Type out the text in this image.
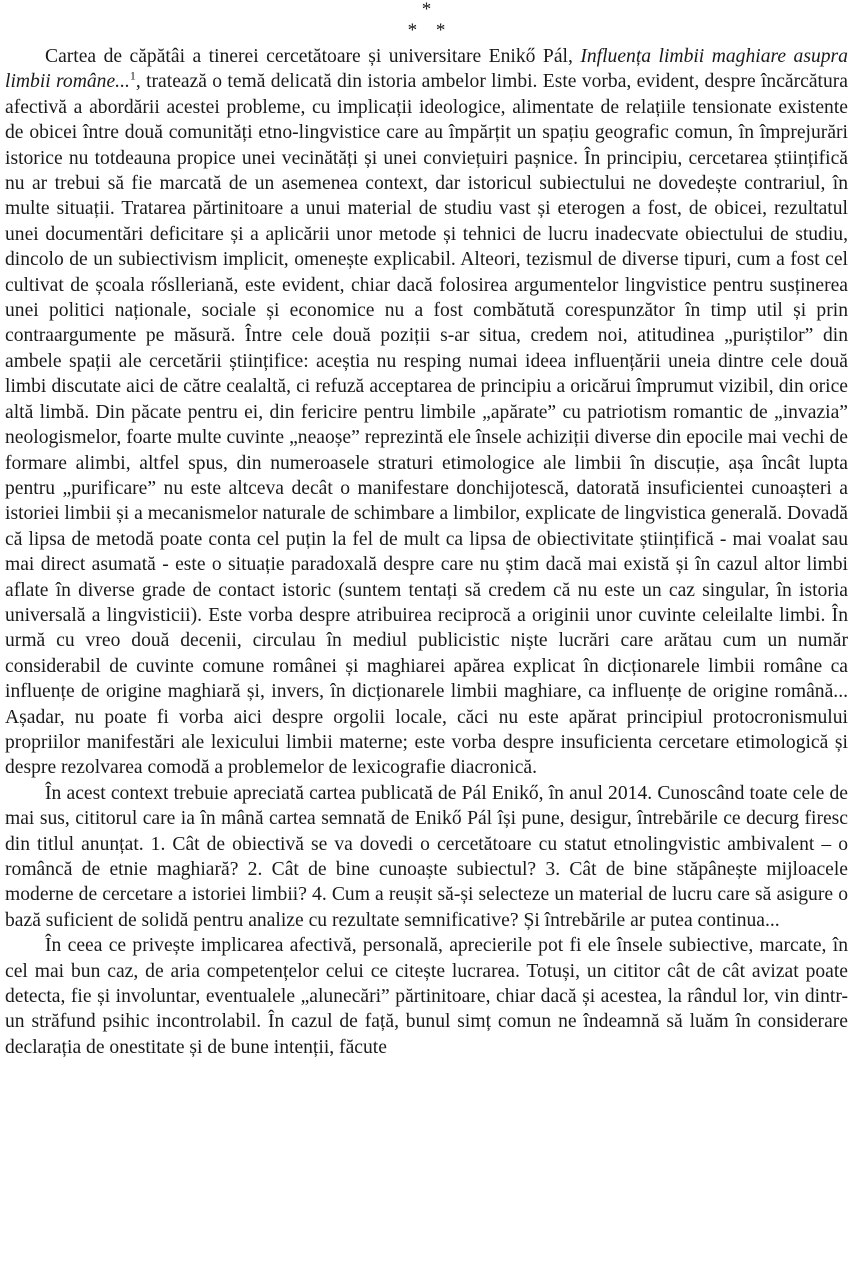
*
* *

Cartea de căpătâi a tinerei cercetătoare și universitare Enikő Pál, Influența limbii maghiare asupra limbii române...$^1$, tratează o temă delicată din istoria ambelor limbi. Este vorba, evident, despre încărcătura afectivă a abordării acestei probleme, cu implicații ideologice, alimentate de relațiile tensionate existente de obicei între două comunități etno-lingvistice care au împărțit un spațiu geografic comun, în împrejurări istorice nu totdeauna propice unei vecinătăți și unei conviețuiri pașnice. În principiu, cercetarea științifică nu ar trebui să fie marcată de un asemenea context, dar istoricul subiectului ne dovedește contrariul, în multe situații. Tratarea părtinitoare a unui material de studiu vast și eterogen a fost, de obicei, rezultatul unei documentări deficitare și a aplicării unor metode și tehnici de lucru inadecvate obiectului de studiu, dincolo de un subiectivism implicit, omenește explicabil. Alteori, tezismul de diverse tipuri, cum a fost cel cultivat de școala rőslleriană, este evident, chiar dacă folosirea argumentelor lingvistice pentru susținerea unei politici naționale, sociale și economice nu a fost combătută corespunzător în timp util și prin contraargumente pe măsură. Între cele două poziții s-ar situa, credem noi, atitudinea „puriștilor” din ambele spații ale cercetării științifice: aceștia nu resping numai ideea influențării uneia dintre cele două limbi discutate aici de către cealaltă, ci refuză acceptarea de principiu a oricărui împrumut vizibil, din orice altă limbă. Din păcate pentru ei, din fericire pentru limbile „apărate” cu patriotism romantic de „invazia” neologismelor, foarte multe cuvinte „neaoșe” reprezintă ele însele achiziții diverse din epocile mai vechi de formare alimbi, altfel spus, din numeroasele straturi etimologice ale limbii în discuție, așa încât lupta pentru „purificare” nu este altceva decât o manifestare donchijotescă, datorată insuficientei cunoașteri a istoriei limbii și a mecanismelor naturale de schimbare a limbilor, explicate de lingvistica generală. Dovadă că lipsa de metodă poate conta cel puțin la fel de mult ca lipsa de obiectivitate științifică - mai voalat sau mai direct asumată - este o situație paradoxală despre care nu știm dacă mai există și în cazul altor limbi aflate în diverse grade de contact istoric (suntem tentați să credem că nu este un caz singular, în istoria universală a lingvisticii). Este vorba despre atribuirea reciprocă a originii unor cuvinte celeilalte limbi. În urmă cu vreo două decenii, circulau în mediul publicistic niște lucrări care arătau cum un număr considerabil de cuvinte comune românei și maghiarei apărea explicat în dicționarele limbii române ca influențe de origine maghiară și, invers, în dicționarele limbii maghiare, ca influențe de origine română... Așadar, nu poate fi vorba aici despre orgolii locale, căci nu este apărat principiul protocronismului propriilor manifestări ale lexicului limbii materne; este vorba despre insuficienta cercetare etimologică și despre rezolvarea comodă a problemelor de lexicografie diacronică.

În acest context trebuie apreciată cartea publicată de Pál Enikő, în anul 2014. Cunoscând toate cele de mai sus, cititorul care ia în mână cartea semnată de Enikő Pál își pune, desigur, întrebările ce decurg firesc din titlul anunțat. 1. Cât de obiectivă se va dovedi o cercetătoare cu statut etnolingvistic ambivalent – o româncă de etnie maghiară? 2. Cât de bine cunoaște subiectul? 3. Cât de bine stăpânește mijloacele moderne de cercetare a istoriei limbii? 4. Cum a reușit să-și selecteze un material de lucru care să asigure o bază suficient de solidă pentru analize cu rezultate semnificative? Și întrebările ar putea continua...

În ceea ce privește implicarea afectivă, personală, aprecierile pot fi ele însele subiective, marcate, în cel mai bun caz, de aria competențelor celui ce citește lucrarea. Totuși, un cititor cât de cât avizat poate detecta, fie și involuntar, eventualele „alunecări” părtinitoare, chiar dacă și acestea, la rândul lor, vin dintr-un străfund psihic incontrolabil. În cazul de față, bunul simț comun ne îndeamnă să luăm în considerare declarația de onestitate și de bune intenții, făcute
